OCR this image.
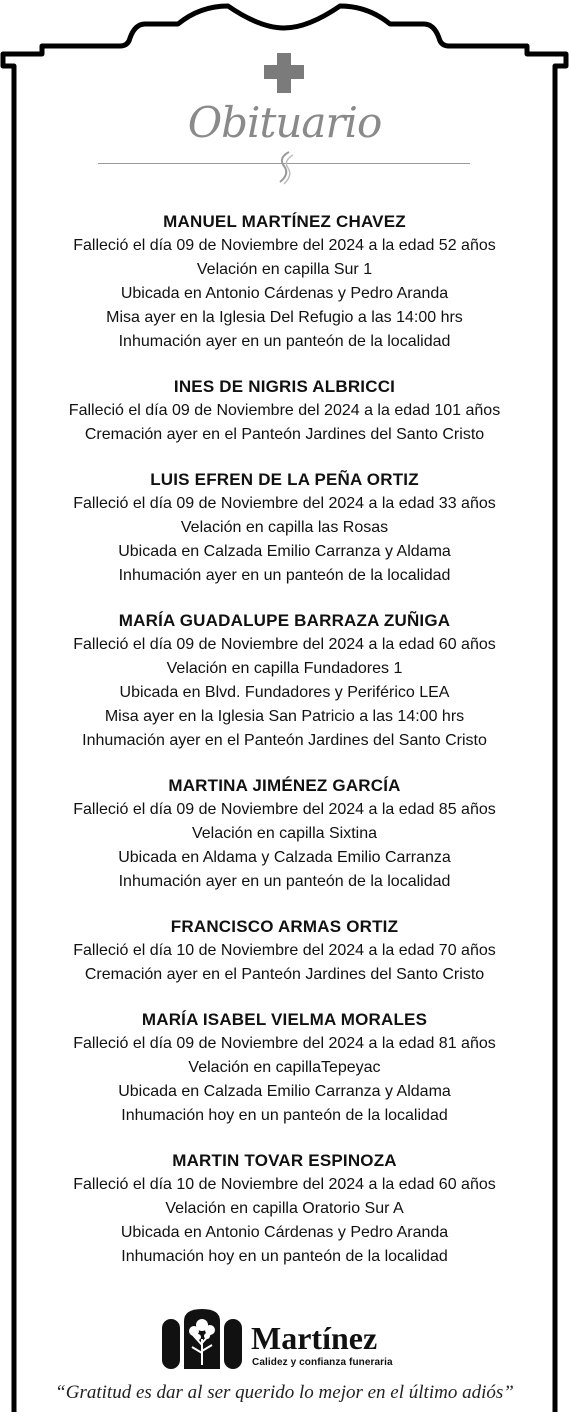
Obituario
MANUEL MARTÍNEZ CHAVEZ
Falleció el día 09 de Noviembre del 2024 a la edad 52 años
Velación en capilla Sur 1
Ubicada en Antonio Cárdenas y Pedro Aranda
Misa ayer en la Iglesia Del Refugio a las 14:00 hrs
Inhumación ayer en un panteón de la localidad
INES DE NIGRIS ALBRICCI
Falleció el día 09 de Noviembre del 2024 a la edad 101 años
Cremación ayer en el Panteón Jardines del Santo Cristo
LUIS EFREN DE LA PEÑA ORTIZ
Falleció el día 09 de Noviembre del 2024 a la edad 33 años
Velación en capilla las Rosas
Ubicada en Calzada Emilio Carranza y Aldama
Inhumación ayer en un panteón de la localidad
MARÍA GUADALUPE BARRAZA ZUÑIGA
Falleció el día 09 de Noviembre del 2024 a la edad 60 años
Velación en capilla Fundadores 1
Ubicada en Blvd. Fundadores y Periférico LEA
Misa ayer en la Iglesia San Patricio a las 14:00 hrs
Inhumación ayer en el Panteón Jardines del Santo Cristo
MARTINA JIMÉNEZ GARCÍA
Falleció el día 09 de Noviembre del 2024 a la edad 85 años
Velación en capilla Sixtina
Ubicada en Aldama y Calzada Emilio Carranza
Inhumación ayer en un panteón de la localidad
FRANCISCO ARMAS ORTIZ
Falleció el día 10 de Noviembre del 2024 a la edad 70 años
Cremación ayer en el Panteón Jardines del Santo Cristo
MARÍA ISABEL VIELMA MORALES
Falleció el día 09 de Noviembre del 2024 a la edad 81 años
Velación en capillaTepeyac
Ubicada en Calzada Emilio Carranza y Aldama
Inhumación hoy en un panteón de la localidad
MARTIN TOVAR ESPINOZA
Falleció el día 10 de Noviembre del 2024 a la edad 60 años
Velación en capilla Oratorio Sur A
Ubicada en Antonio Cárdenas y Pedro Aranda
Inhumación hoy en un panteón de la localidad
Martínez
Calidez y confianza funeraria
“Gratitud es dar al ser querido lo mejor en el último adiós”
